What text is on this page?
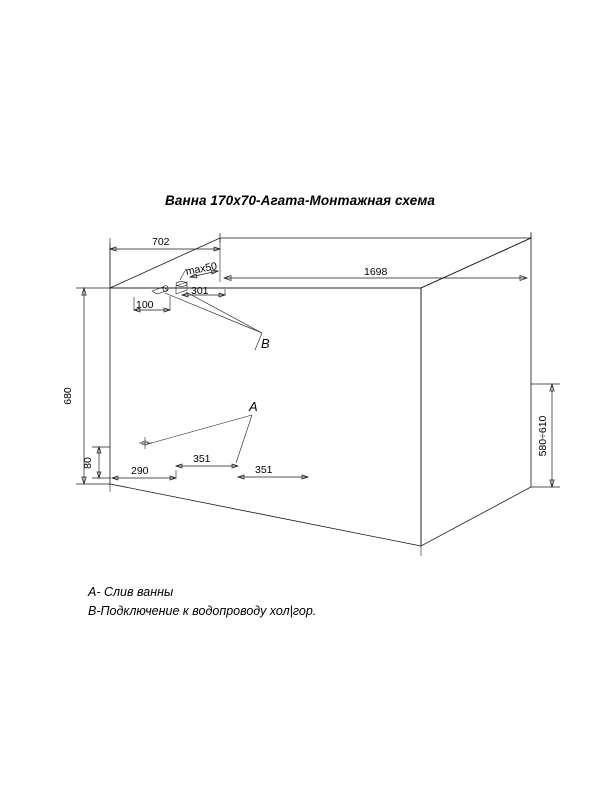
Ванна 170х70-Агата-Монтажная схема
702
1698
680
580÷610
80
290
351
351
А
В
max50
301
100
А- Слив ванны
В-Подключение к водопроводу хол|гор.
